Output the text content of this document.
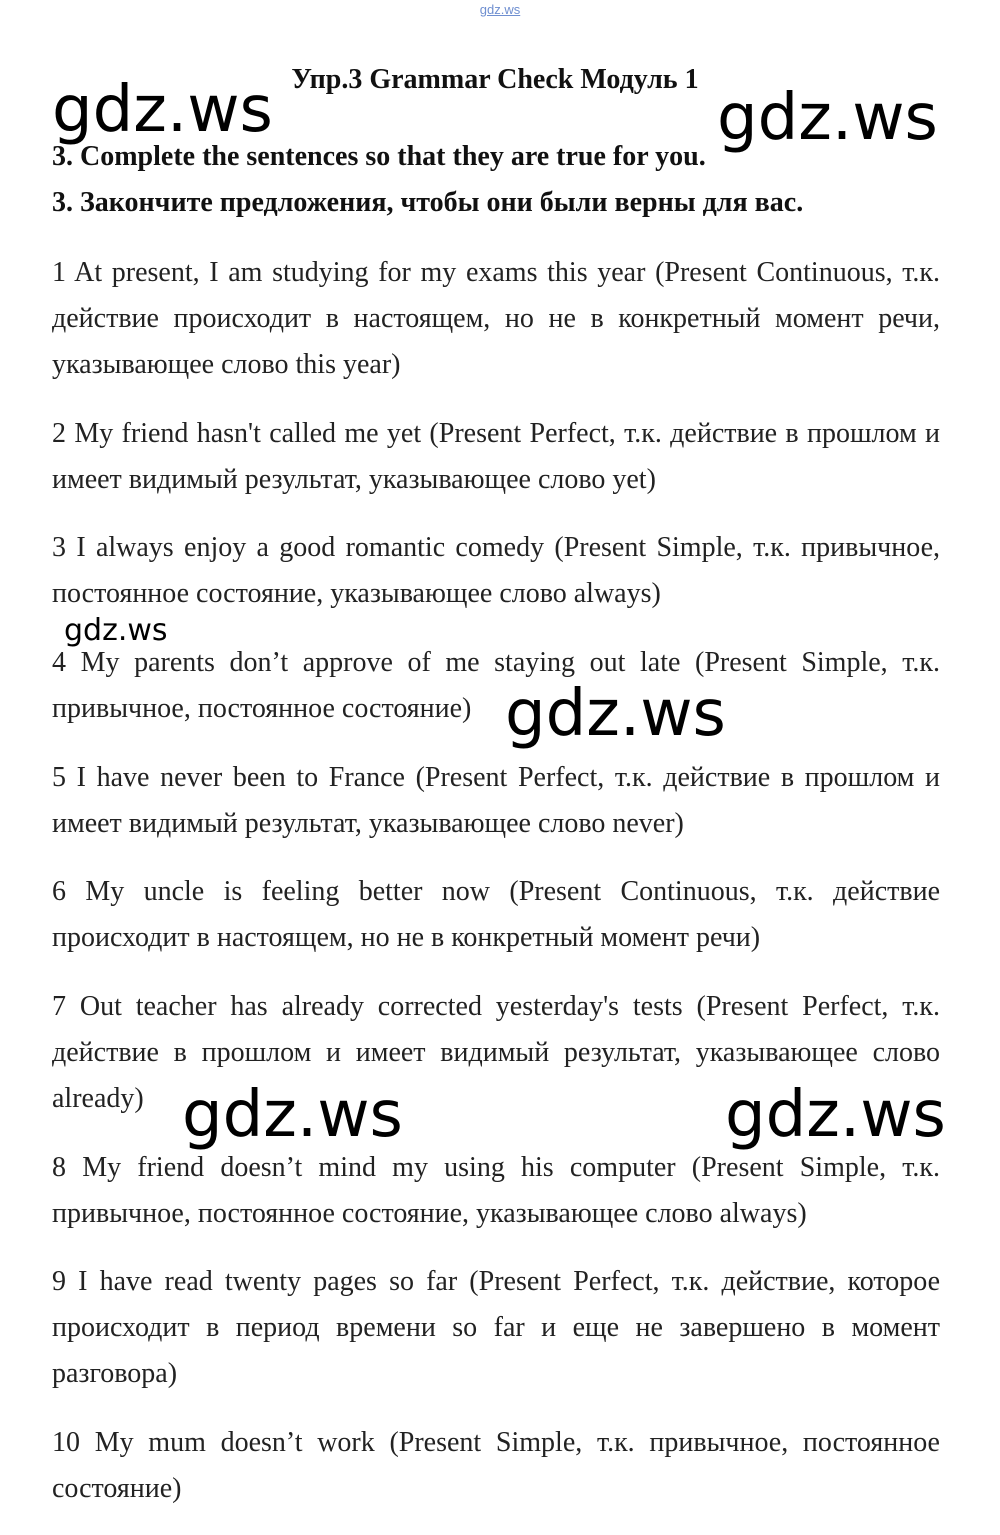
gdz.ws
Упр.3 Grammar Check Модуль 1
3. Complete the sentences so that they are true for you.
3. Закончите предложения, чтобы они были верны для вас.

1 At present, I am studying for my exams this year (Present Continuous, т.к. действие происходит в настоящем, но не в конкретный момент речи, указывающее слово this year)

2 My friend hasn't called me yet (Present Perfect, т.к. действие в прошлом и имеет видимый результат, указывающее слово yet)

3 I always enjoy a good romantic comedy (Present Simple, т.к. привычное, постоянное состояние, указывающее слово always)

4 My parents don’t approve of me staying out late (Present Simple, т.к. привычное, постоянное состояние)

5 I have never been to France (Present Perfect, т.к. действие в прошлом и имеет видимый результат, указывающее слово never)

6 My uncle is feeling better now (Present Continuous, т.к. действие происходит в настоящем, но не в конкретный момент речи)

7 Out teacher has already corrected yesterday's tests (Present Perfect, т.к. действие в прошлом и имеет видимый результат, указывающее слово already)

8 My friend doesn’t mind my using his computer (Present Simple, т.к. привычное, постоянное состояние, указывающее слово always)

9 I have read twenty pages so far (Present Perfect, т.к. действие, которое происходит в период времени so far и еще не завершено в момент разговора)

10 My mum doesn’t work (Present Simple, т.к. привычное, постоянное состояние)

gdz.ws	gdz.ws
gdz.ws
gdz.ws
gdz.ws	gdz.ws
